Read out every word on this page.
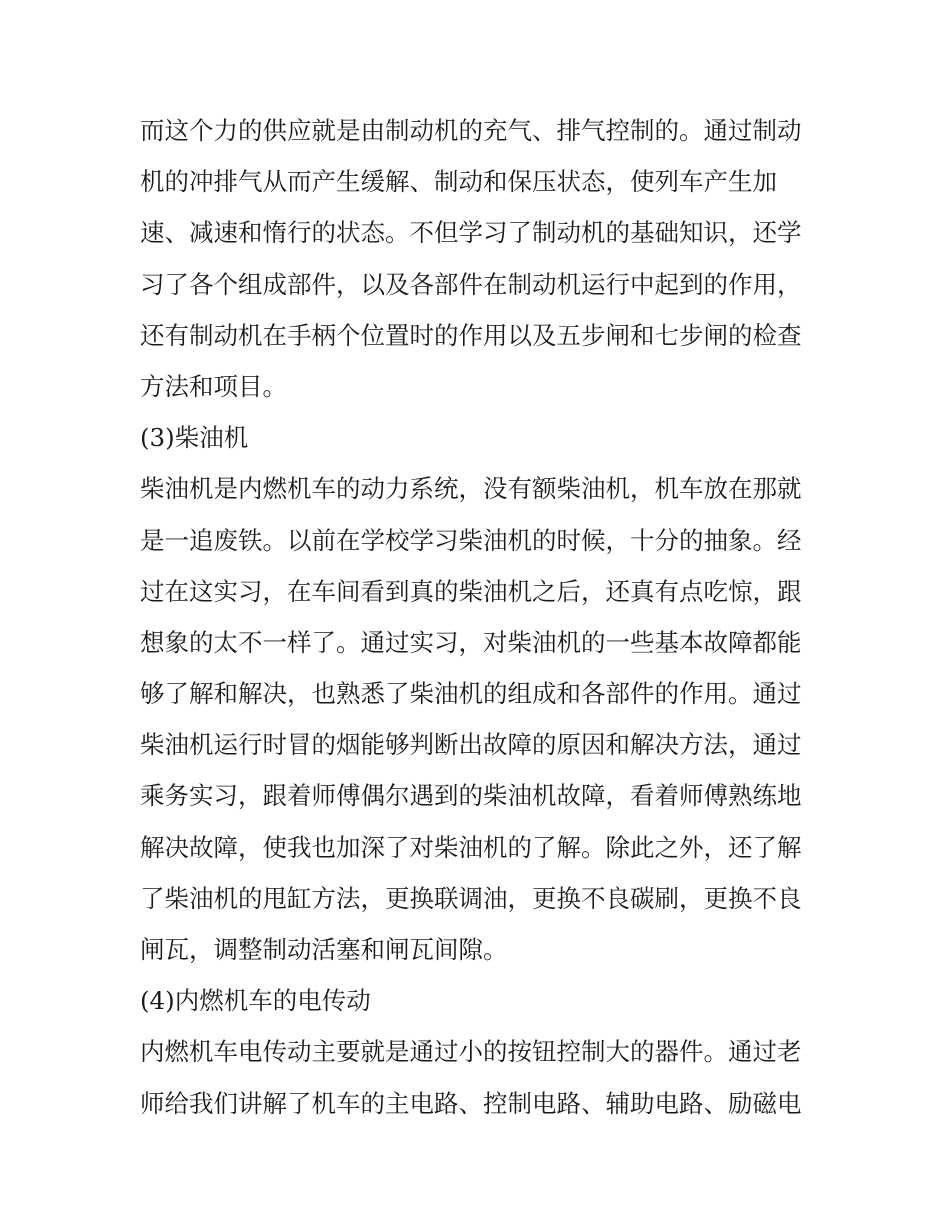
而这个力的供应就是由制动机的充气、排气控制的。通过制动
机的冲排气从而产生缓解、制动和保压状态，使列车产生加
速、减速和惰行的状态。不但学习了制动机的基础知识，还学
习了各个组成部件，以及各部件在制动机运行中起到的作用，
还有制动机在手柄个位置时的作用以及五步闸和七步闸的检查
方法和项目。
(3)柴油机
柴油机是内燃机车的动力系统，没有额柴油机，机车放在那就
是一追废铁。以前在学校学习柴油机的时候，十分的抽象。经
过在这实习，在车间看到真的柴油机之后，还真有点吃惊，跟
想象的太不一样了。通过实习，对柴油机的一些基本故障都能
够了解和解决，也熟悉了柴油机的组成和各部件的作用。通过
柴油机运行时冒的烟能够判断出故障的原因和解决方法，通过
乘务实习，跟着师傅偶尔遇到的柴油机故障，看着师傅熟练地
解决故障，使我也加深了对柴油机的了解。除此之外，还了解
了柴油机的甩缸方法，更换联调油，更换不良碳刷，更换不良
闸瓦，调整制动活塞和闸瓦间隙。
(4)内燃机车的电传动
内燃机车电传动主要就是通过小的按钮控制大的器件。通过老
师给我们讲解了机车的主电路、控制电路、辅助电路、励磁电
